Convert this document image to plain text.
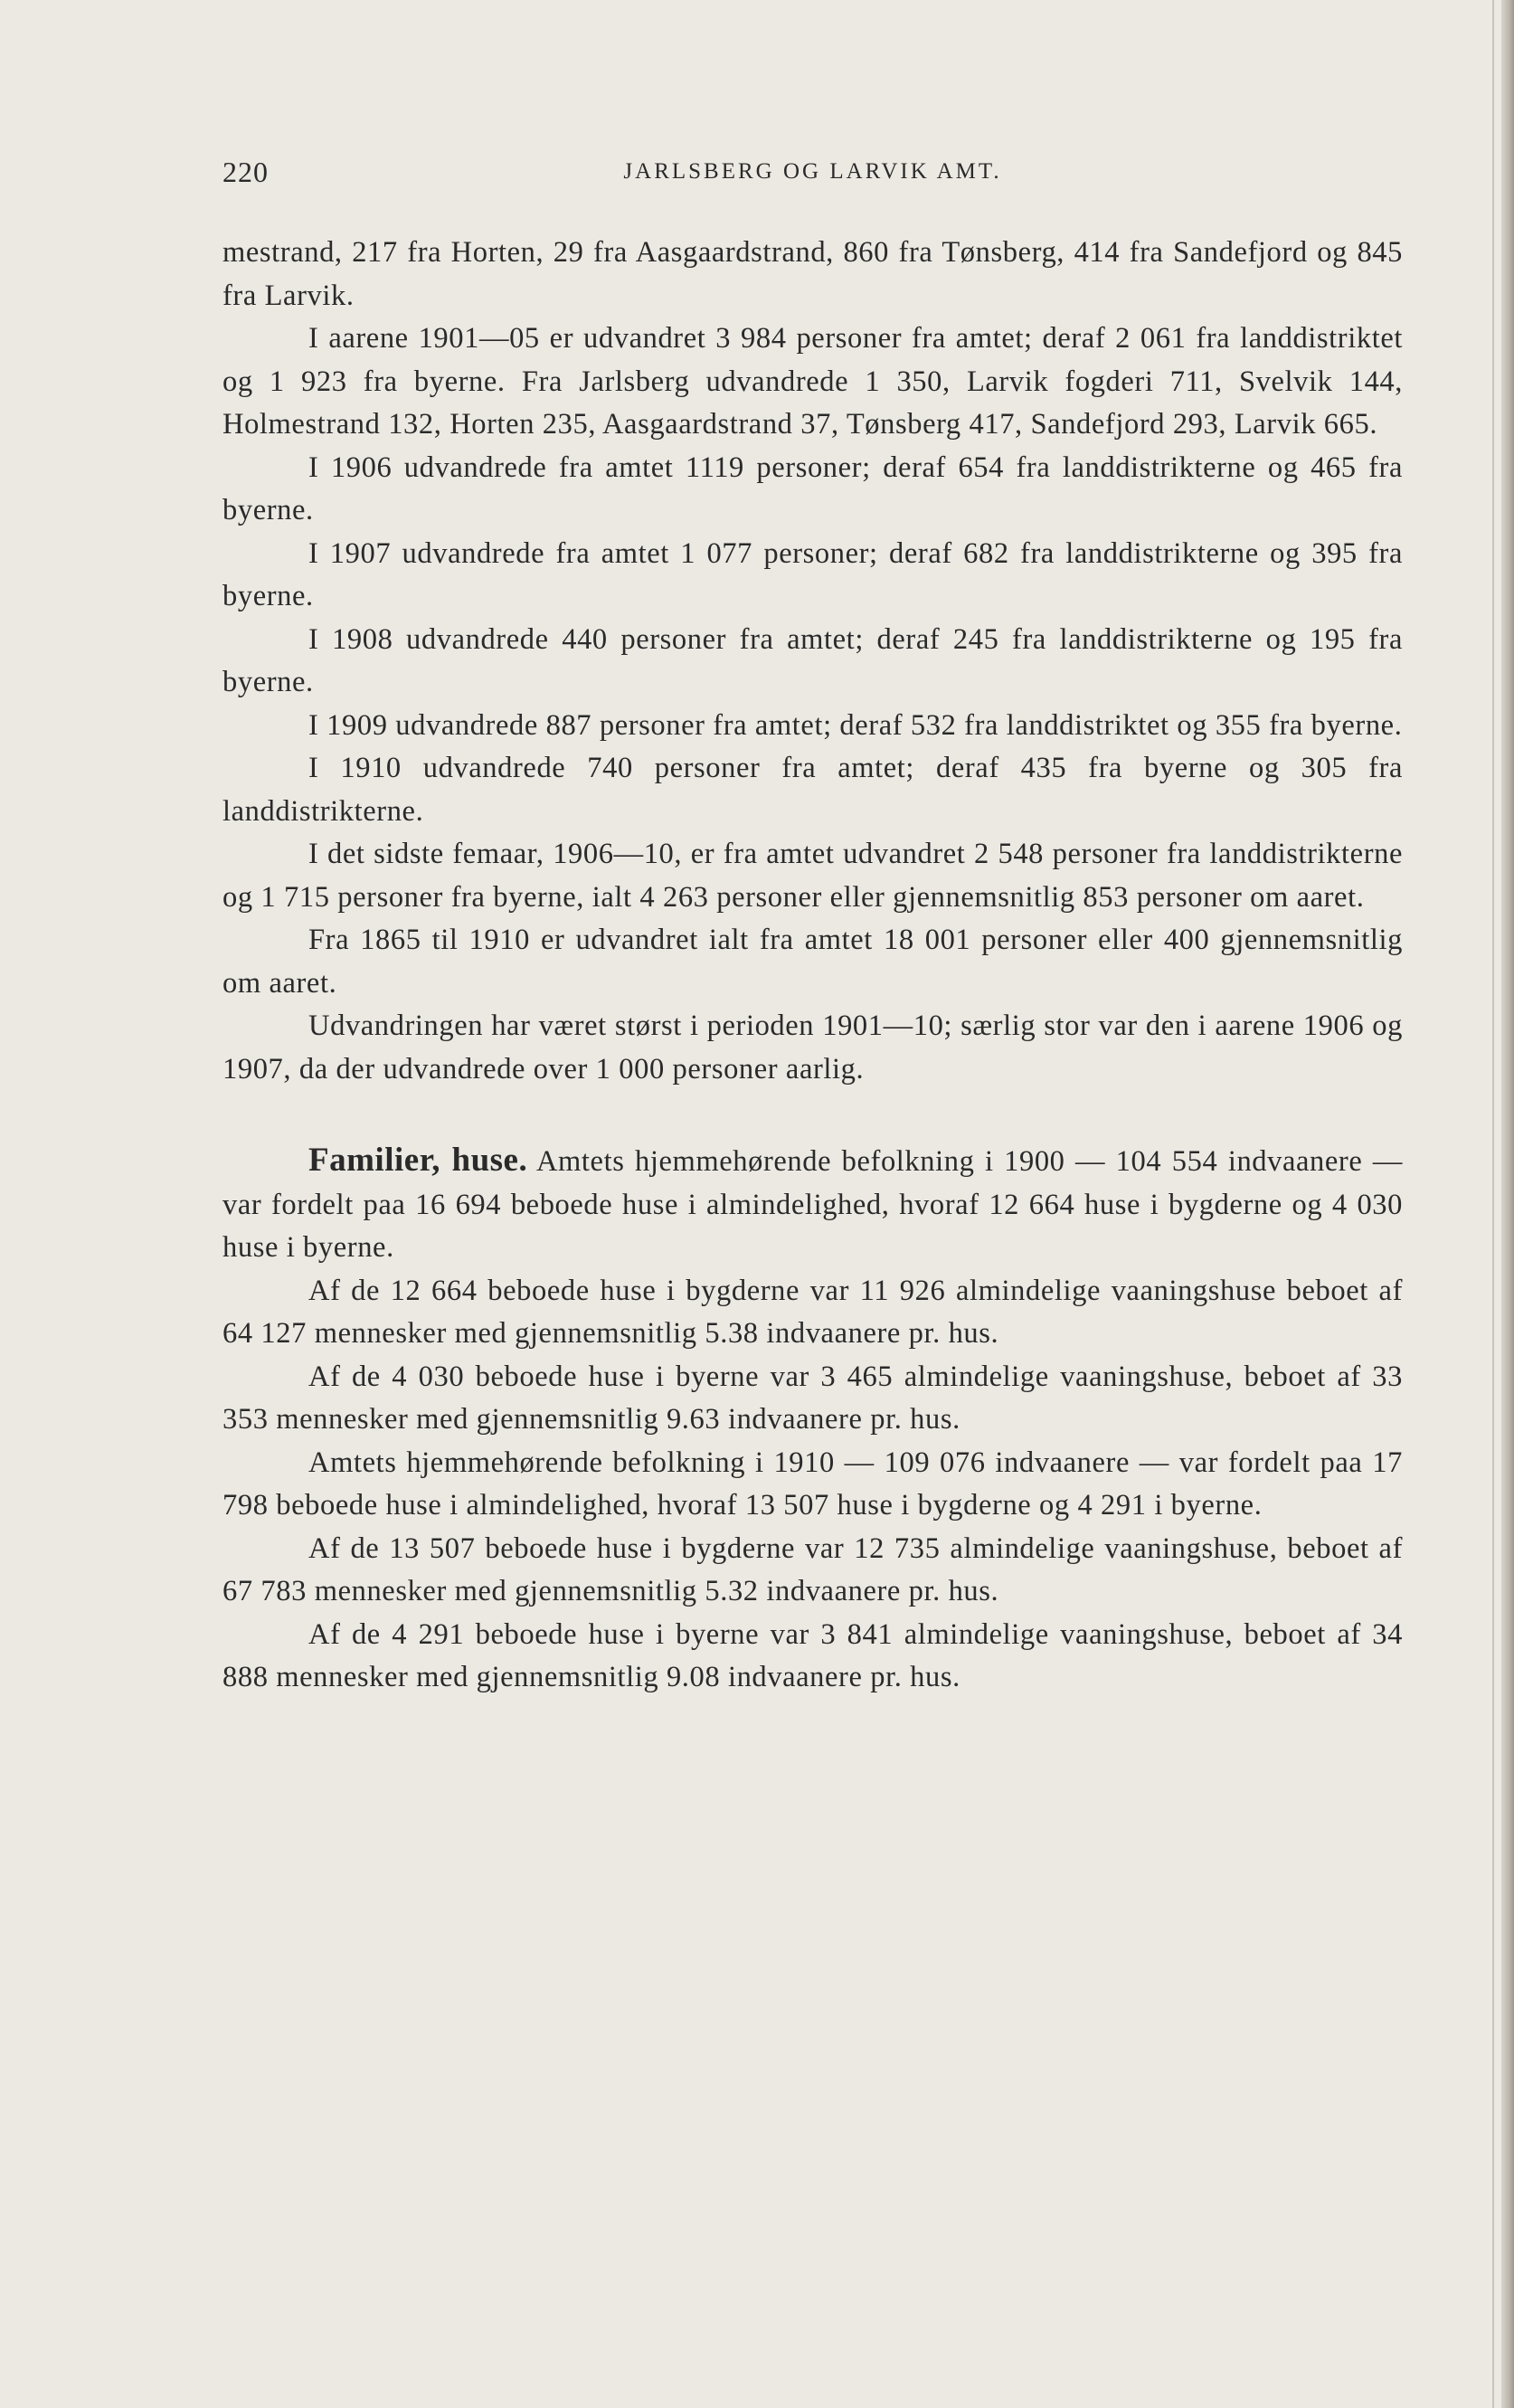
220	JARLSBERG OG LARVIK AMT.

mestrand, 217 fra Horten, 29 fra Aasgaardstrand, 860 fra Tønsberg, 414 fra Sandefjord og 845 fra Larvik.

I aarene 1901—05 er udvandret 3 984 personer fra amtet; deraf 2 061 fra landdistriktet og 1 923 fra byerne. Fra Jarlsberg udvandrede 1 350, Larvik fogderi 711, Svelvik 144, Holmestrand 132, Horten 235, Aasgaardstrand 37, Tønsberg 417, Sandefjord 293, Larvik 665.

I 1906 udvandrede fra amtet 1119 personer; deraf 654 fra landdistrikterne og 465 fra byerne.

I 1907 udvandrede fra amtet 1 077 personer; deraf 682 fra landdistrikterne og 395 fra byerne.

I 1908 udvandrede 440 personer fra amtet; deraf 245 fra landdistrikterne og 195 fra byerne.

I 1909 udvandrede 887 personer fra amtet; deraf 532 fra landdistriktet og 355 fra byerne.

I 1910 udvandrede 740 personer fra amtet; deraf 435 fra byerne og 305 fra landdistrikterne.

I det sidste femaar, 1906—10, er fra amtet udvandret 2 548 personer fra landdistrikterne og 1 715 personer fra byerne, ialt 4 263 personer eller gjennemsnitlig 853 personer om aaret.

Fra 1865 til 1910 er udvandret ialt fra amtet 18 001 personer eller 400 gjennemsnitlig om aaret.

Udvandringen har været størst i perioden 1901—10; særlig stor var den i aarene 1906 og 1907, da der udvandrede over 1 000 personer aarlig.

Familier, huse. Amtets hjemmehørende befolkning i 1900 — 104 554 indvaanere — var fordelt paa 16 694 beboede huse i almindelighed, hvoraf 12 664 huse i bygderne og 4 030 huse i byerne.

Af de 12 664 beboede huse i bygderne var 11 926 almindelige vaaningshuse beboet af 64 127 mennesker med gjennemsnitlig 5.38 indvaanere pr. hus.

Af de 4 030 beboede huse i byerne var 3 465 almindelige vaaningshuse, beboet af 33 353 mennesker med gjennemsnitlig 9.63 indvaanere pr. hus.

Amtets hjemmehørende befolkning i 1910 — 109 076 indvaanere — var fordelt paa 17 798 beboede huse i almindelighed, hvoraf 13 507 huse i bygderne og 4 291 i byerne.

Af de 13 507 beboede huse i bygderne var 12 735 almindelige vaaningshuse, beboet af 67 783 mennesker med gjennemsnitlig 5.32 indvaanere pr. hus.

Af de 4 291 beboede huse i byerne var 3 841 almindelige vaaningshuse, beboet af 34 888 mennesker med gjennemsnitlig 9.08 indvaanere pr. hus.
